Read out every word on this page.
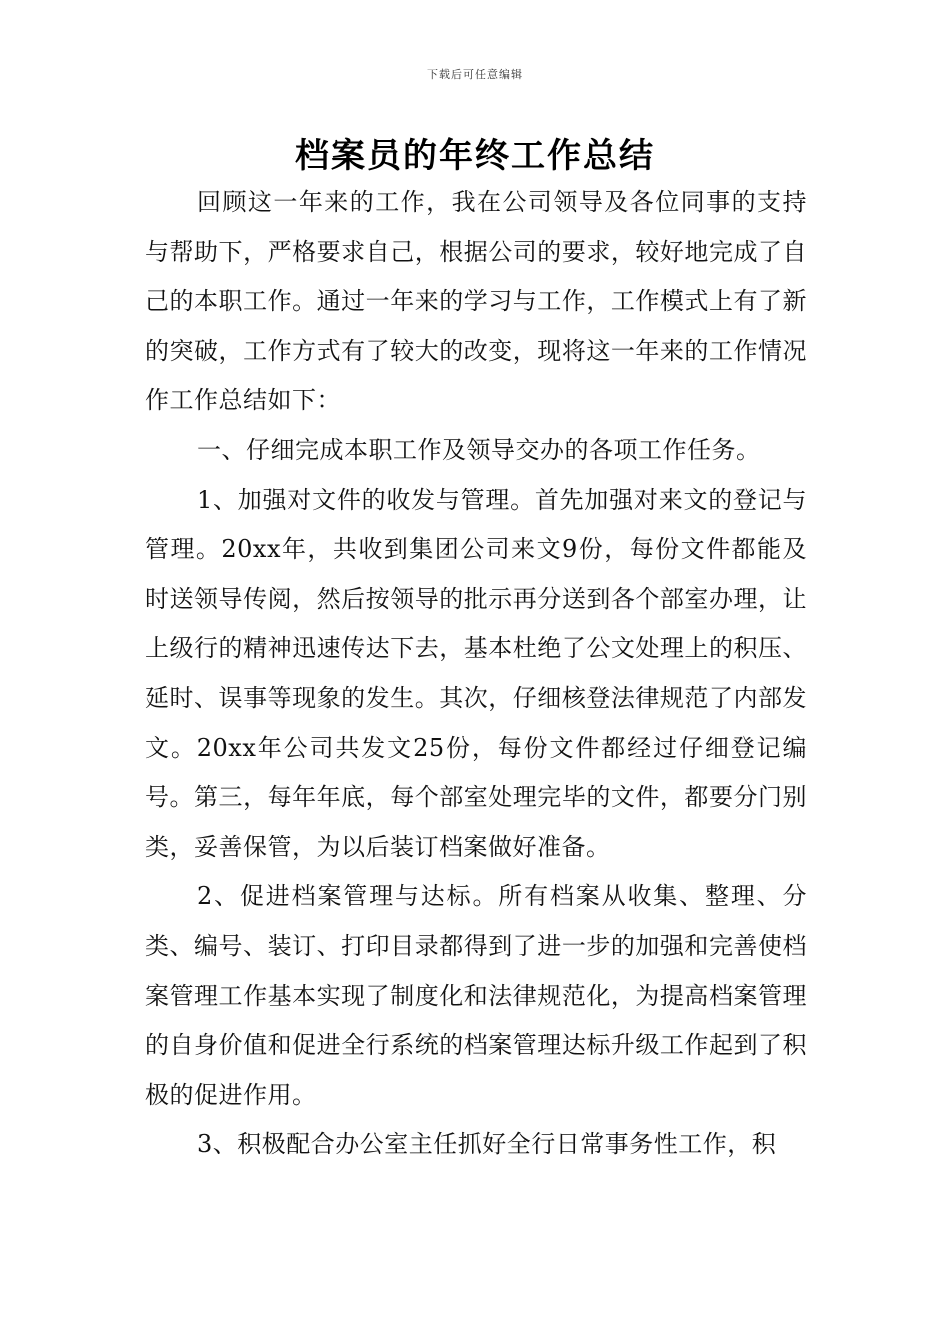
下载后可任意编辑
档案员的年终工作总结

回顾这一年来的工作，我在公司领导及各位同事的支持与帮助下，严格要求自己，根据公司的要求，较好地完成了自己的本职工作。通过一年来的学习与工作，工作模式上有了新的突破，工作方式有了较大的改变，现将这一年来的工作情况作工作总结如下：

一、仔细完成本职工作及领导交办的各项工作任务。

1、加强对文件的收发与管理。首先加强对来文的登记与管理。20xx年，共收到集团公司来文9份，每份文件都能及时送领导传阅，然后按领导的批示再分送到各个部室办理，让上级行的精神迅速传达下去，基本杜绝了公文处理上的积压、延时、误事等现象的发生。其次，仔细核登法律规范了内部发文。20xx年公司共发文25份，每份文件都经过仔细登记编号。第三，每年年底，每个部室处理完毕的文件，都要分门别类，妥善保管，为以后装订档案做好准备。

2、促进档案管理与达标。所有档案从收集、整理、分类、编号、装订、打印目录都得到了进一步的加强和完善使档案管理工作基本实现了制度化和法律规范化，为提高档案管理的自身价值和促进全行系统的档案管理达标升级工作起到了积极的促进作用。

3、积极配合办公室主任抓好全行日常事务性工作，积
